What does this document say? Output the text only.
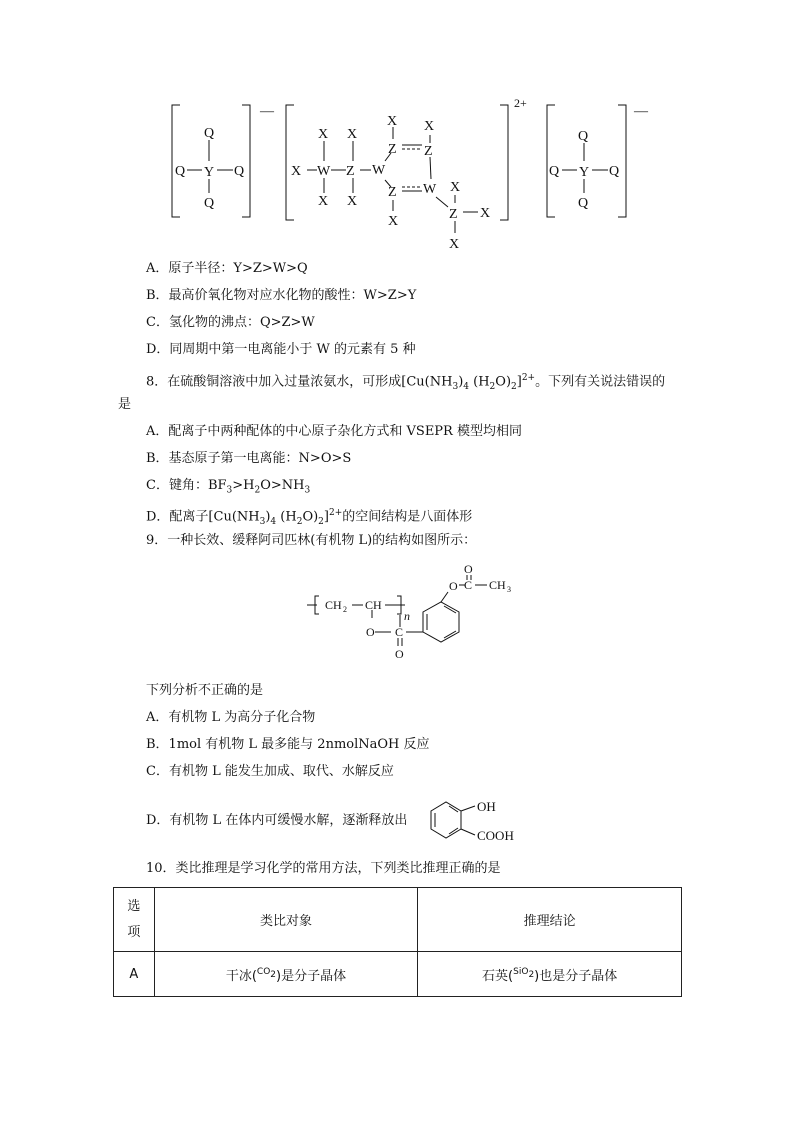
Q
Q Y Q
Q
—
X X
X W Z W
X X
X
Z
X
Z
Z W
X
X
Z X
X
2+
Q
Q Y Q
Q
—
A．原子半径：Y>Z>W>Q
B．最高价氧化物对应水化物的酸性：W>Z>Y
C．氢化物的沸点：Q>Z>W
D．同周期中第一电离能小于 W 的元素有 5 种
8．在硫酸铜溶液中加入过量浓氨水，可形成[$Cu(NH_3)_4$ $(H_2O)_2]^{2+}$。下列有关说法错误的
是
A．配离子中两种配体的中心原子杂化方式和 VSEPR 模型均相同
B．基态原子第一电离能：N>O>S
C．键角：$BF_3>H_2O>NH_3$
D．配离子[$Cu(NH_3)_4$ $(H_2O)_2]^{2+}$的空间结构是八面体形
9．一种长效、缓释阿司匹林(有机物 L)的结构如图所示：
CH 2 CH
n
O C
O
O C
O
CH 3
下列分析不正确的是
A．有机物 L 为高分子化合物
B．1mol 有机物 L 最多能与 2nmolNaOH 反应
C．有机物 L 能发生加成、取代、水解反应
D．有机物 L 在体内可缓慢水解，逐渐释放出
OH
COOH
10．类比推理是学习化学的常用方法，下列类比推理正确的是
选
项	类比对象	推理结论
A	干冰($^{CO_2}$)是分子晶体	石英($^{SiO_2}$)也是分子晶体
